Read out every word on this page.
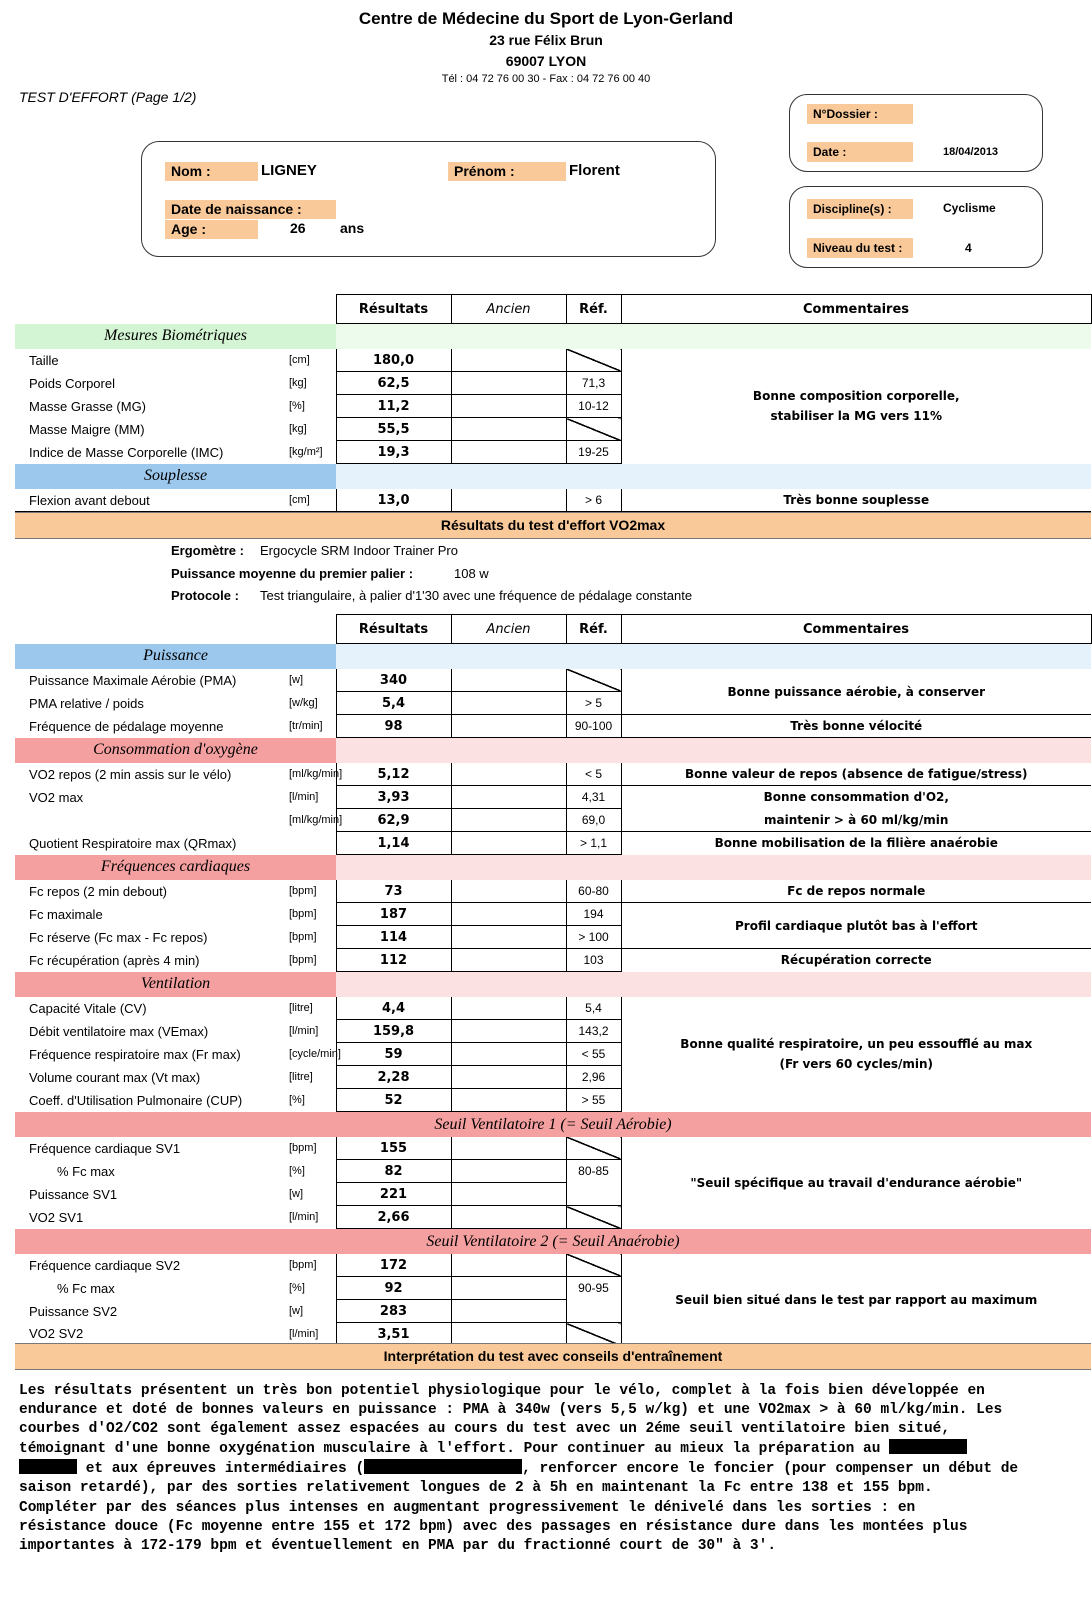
Centre de Médecine du Sport de Lyon-Gerland
23 rue Félix Brun
69007 LYON
Tél : 04 72 76 00 30 - Fax : 04 72 76 00 40
TEST D'EFFORT (Page 1/2)
Nom :	LIGNEY	Prénom :	Florent
Date de naissance :
Age :	26 ans
N°Dossier :
Date :	18/04/2013
Discipline(s) :	Cyclisme
Niveau du test :	4
		Résultats	Ancien	Réf.	Commentaires
Mesures Biométriques					
Taille	[cm]	180,0			Bonne composition corporelle,
stabiliser la MG vers 11%
Poids Corporel	[kg]	62,5		71,3	
Masse Grasse (MG)	[%]	11,2		10-12	
Masse Maigre (MM)	[kg]	55,5			
Indice de Masse Corporelle (IMC)	[kg/m²]	19,3		19-25	
Souplesse					
Flexion avant debout	[cm]	13,0		> 6	Très bonne souplesse
Résultats du test d'effort VO2max
Ergomètre : Ergocycle SRM Indoor Trainer Pro
Puissance moyenne du premier palier :	108 w
Protocole : Test triangulaire, à palier d'1'30 avec une fréquence de pédalage constante
		Résultats	Ancien	Réf.	Commentaires
Puissance					
Puissance Maximale Aérobie (PMA)	[w]	340			Bonne puissance aérobie, à conserver
PMA relative / poids	[w/kg]	5,4		> 5	
Fréquence de pédalage moyenne	[tr/min]	98		90-100	Très bonne vélocité
Consommation d'oxygène					
VO2 repos (2 min assis sur le vélo)	[ml/kg/min]	5,12		< 5	Bonne valeur de repos (absence de fatigue/stress)
VO2 max	[l/min]	3,93		4,31	Bonne consommation d'O2,
	[ml/kg/min]	62,9		69,0	maintenir > à 60 ml/kg/min
Quotient Respiratoire max (QRmax)		1,14		> 1,1	Bonne mobilisation de la filière anaérobie
Fréquences cardiaques					
Fc repos (2 min debout)	[bpm]	73		60-80	Fc de repos normale
Fc maximale	[bpm]	187		194	Profil cardiaque plutôt bas à l'effort
Fc réserve (Fc max - Fc repos)	[bpm]	114		> 100	
Fc récupération (après 4 min)	[bpm]	112		103	Récupération correcte
Ventilation					
Capacité Vitale (CV)	[litre]	4,4		5,4	Bonne qualité respiratoire, un peu essoufflé au max
(Fr vers 60 cycles/min)
Débit ventilatoire max (VEmax)	[l/min]	159,8		143,2	
Fréquence respiratoire max (Fr max)	[cycle/min]	59		< 55	
Volume courant max (Vt max)	[litre]	2,28		2,96	
Coeff. d'Utilisation Pulmonaire (CUP)	[%]	52		> 55	
Seuil Ventilatoire 1 (= Seuil Aérobie)					
Fréquence cardiaque SV1	[bpm]	155			"Seuil spécifique au travail d'endurance aérobie"
% Fc max	[%]	82		80-85	
Puissance SV1	[w]	221			
VO2 SV1	[l/min]	2,66			
Seuil Ventilatoire 2 (= Seuil Anaérobie)					
Fréquence cardiaque SV2	[bpm]	172			Seuil bien situé dans le test par rapport au maximum
% Fc max	[%]	92		90-95	
Puissance SV2	[w]	283			
VO2 SV2	[l/min]	3,51			
Interprétation du test avec conseils d'entraînement
Les résultats présentent un très bon potentiel physiologique pour le vélo, complet à la fois bien développée en
endurance et doté de bonnes valeurs en puissance : PMA à 340w (vers 5,5 w/kg) et une VO2max > à 60 ml/kg/min. Les
courbes d'O2/CO2 sont également assez espacées au cours du test avec un 2éme seuil ventilatoire bien situé,
témoignant d'une bonne oxygénation musculaire à l'effort. Pour continuer au mieux la préparation au
et aux épreuves intermédiaires (	, renforcer encore le foncier (pour compenser un début de
saison retardé), par des sorties relativement longues de 2 à 5h en maintenant la Fc entre 138 et 155 bpm.
Compléter par des séances plus intenses en augmentant progressivement le dénivelé dans les sorties : en
résistance douce (Fc moyenne entre 155 et 172 bpm) avec des passages en résistance dure dans les montées plus
importantes à 172-179 bpm et éventuellement en PMA par du fractionné court de 30" à 3'.
